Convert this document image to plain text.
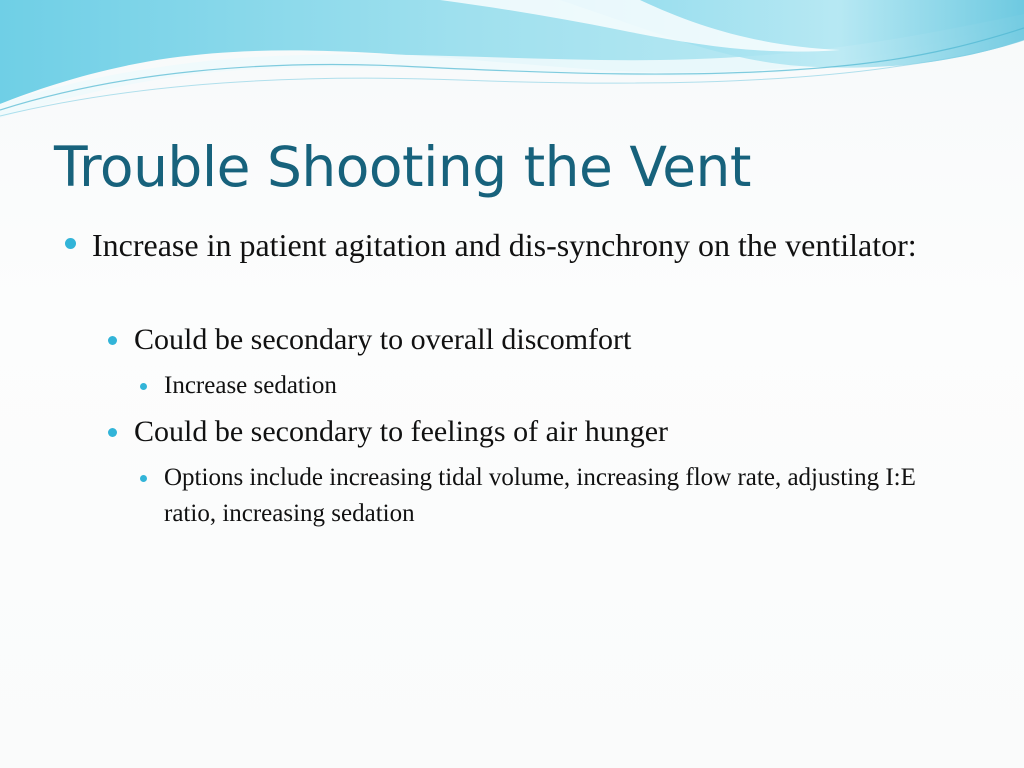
Trouble Shooting the Vent
Increase in patient agitation and dis-synchrony on the ventilator:
Could be secondary to overall discomfort
Increase sedation
Could be secondary to feelings of air hunger
Options include increasing tidal volume, increasing flow rate, adjusting I:E ratio, increasing sedation
